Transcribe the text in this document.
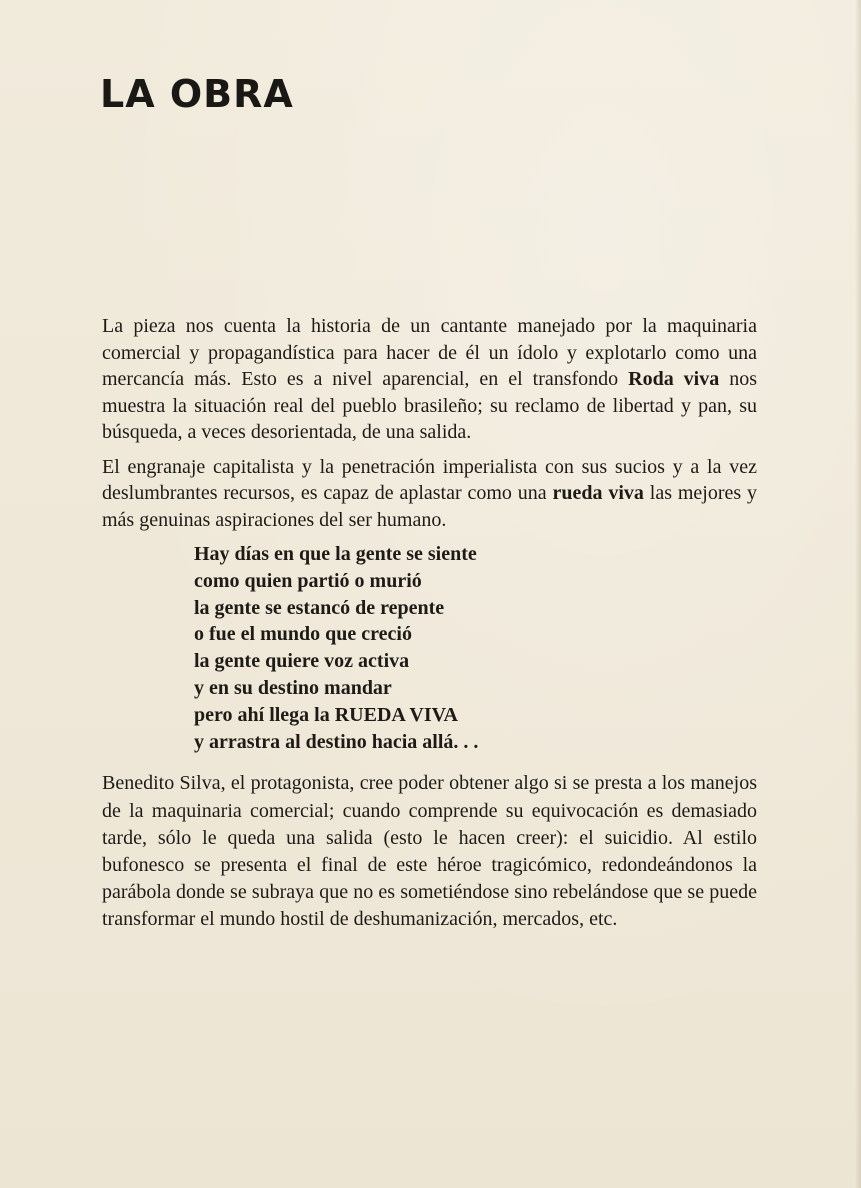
LA OBRA

La pieza nos cuenta la historia de un cantante manejado por la maquinaria comercial y propagandística para hacer de él un ídolo y explotarlo como una mercancía más. Esto es a nivel aparencial, en el transfondo Roda viva nos muestra la situación real del pueblo brasileño; su reclamo de libertad y pan, su búsqueda, a veces desorientada, de una salida.

El engranaje capitalista y la penetración imperialista con sus sucios y a la vez deslumbrantes recursos, es capaz de aplastar como una rueda viva las mejores y más genuinas aspiraciones del ser humano.

Hay días en que la gente se siente
como quien partió o murió
la gente se estancó de repente
o fue el mundo que creció
la gente quiere voz activa
y en su destino mandar
pero ahí llega la RUEDA VIVA
y arrastra al destino hacia allá. . .

Benedito Silva, el protagonista, cree poder obtener algo si se presta a los manejos de la maquinaria comercial; cuando comprende su equivocación es demasiado tarde, sólo le queda una salida (esto le hacen creer): el suicidio. Al estilo bufonesco se presenta el final de este héroe tragicómico, redondeándonos la parábola donde se subraya que no es sometiéndose sino rebelándose que se puede transformar el mundo hostil de deshumanización, mercados, etc.
